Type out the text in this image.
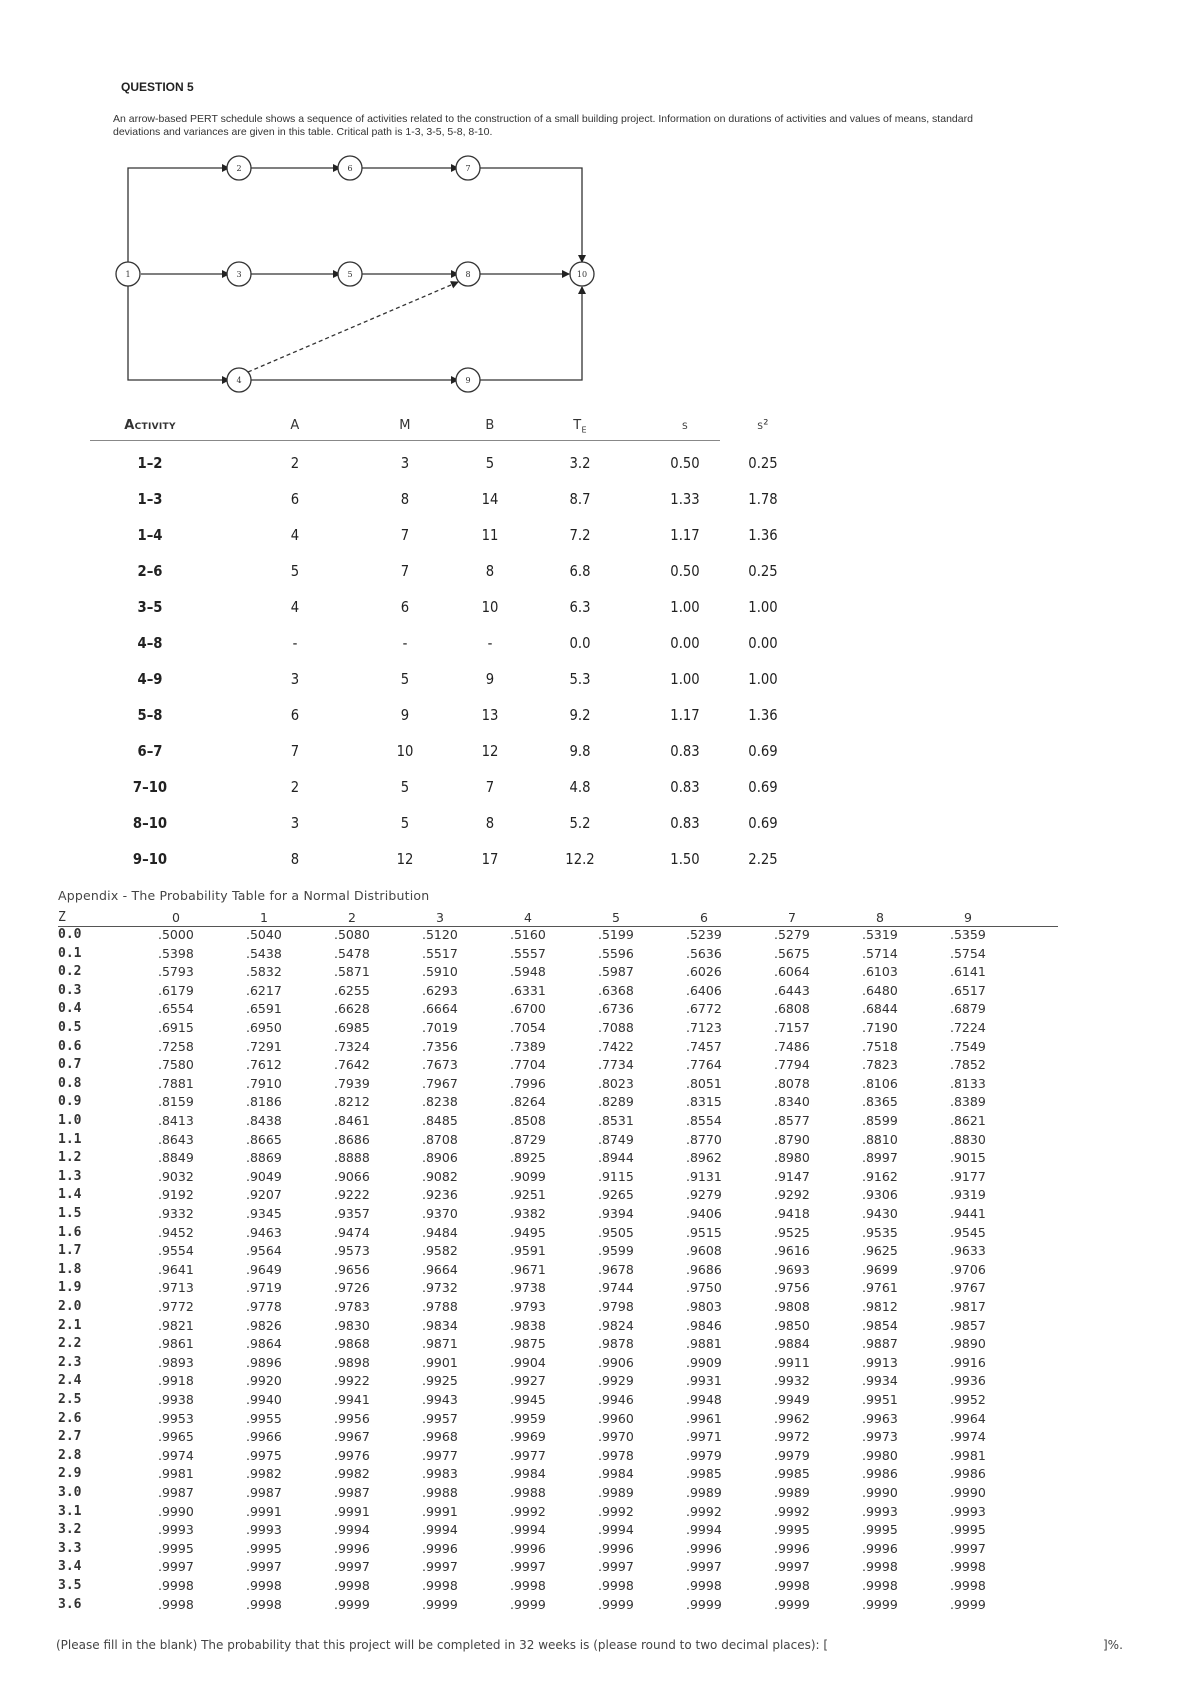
QUESTION 5
An arrow-based PERT schedule shows a sequence of activities related to the construction of a small building project. Information on durations of activities and values of means, standard deviations and variances are given in this table. Critical path is 1-3, 3-5, 5-8, 8-10.
1
2
3
4
5
6	7
8
9
10
Activity	A	M	B	$T_E$	s	s²
1–2	2	3	5	3.2	0.50	0.25
1–3	6	8	14	8.7	1.33	1.78
1–4	4	7	11	7.2	1.17	1.36
2–6	5	7	8	6.8	0.50	0.25
3–5	4	6	10	6.3	1.00	1.00
4–8	-	-	-	0.0	0.00	0.00
4–9	3	5	9	5.3	1.00	1.00
5–8	6	9	13	9.2	1.17	1.36
6–7	7	10	12	9.8	0.83	0.69
7–10	2	5	7	4.8	0.83	0.69
8–10	3	5	8	5.2	0.83	0.69
9–10	8	12	17	12.2	1.50	2.25
Appendix - The Probability Table for a Normal Distribution
Z	0	1	2	3	4	5	6	7	8	9
0.0	.5000	.5040	.5080	.5120	.5160	.5199	.5239	.5279	.5319	.5359
0.1	.5398	.5438	.5478	.5517	.5557	.5596	.5636	.5675	.5714	.5754
0.2	.5793	.5832	.5871	.5910	.5948	.5987	.6026	.6064	.6103	.6141
0.3	.6179	.6217	.6255	.6293	.6331	.6368	.6406	.6443	.6480	.6517
0.4	.6554	.6591	.6628	.6664	.6700	.6736	.6772	.6808	.6844	.6879
0.5	.6915	.6950	.6985	.7019	.7054	.7088	.7123	.7157	.7190	.7224
0.6	.7258	.7291	.7324	.7356	.7389	.7422	.7457	.7486	.7518	.7549
0.7	.7580	.7612	.7642	.7673	.7704	.7734	.7764	.7794	.7823	.7852
0.8	.7881	.7910	.7939	.7967	.7996	.8023	.8051	.8078	.8106	.8133
0.9	.8159	.8186	.8212	.8238	.8264	.8289	.8315	.8340	.8365	.8389
1.0	.8413	.8438	.8461	.8485	.8508	.8531	.8554	.8577	.8599	.8621
1.1	.8643	.8665	.8686	.8708	.8729	.8749	.8770	.8790	.8810	.8830
1.2	.8849	.8869	.8888	.8906	.8925	.8944	.8962	.8980	.8997	.9015
1.3	.9032	.9049	.9066	.9082	.9099	.9115	.9131	.9147	.9162	.9177
1.4	.9192	.9207	.9222	.9236	.9251	.9265	.9279	.9292	.9306	.9319
1.5	.9332	.9345	.9357	.9370	.9382	.9394	.9406	.9418	.9430	.9441
1.6	.9452	.9463	.9474	.9484	.9495	.9505	.9515	.9525	.9535	.9545
1.7	.9554	.9564	.9573	.9582	.9591	.9599	.9608	.9616	.9625	.9633
1.8	.9641	.9649	.9656	.9664	.9671	.9678	.9686	.9693	.9699	.9706
1.9	.9713	.9719	.9726	.9732	.9738	.9744	.9750	.9756	.9761	.9767
2.0	.9772	.9778	.9783	.9788	.9793	.9798	.9803	.9808	.9812	.9817
2.1	.9821	.9826	.9830	.9834	.9838	.9824	.9846	.9850	.9854	.9857
2.2	.9861	.9864	.9868	.9871	.9875	.9878	.9881	.9884	.9887	.9890
2.3	.9893	.9896	.9898	.9901	.9904	.9906	.9909	.9911	.9913	.9916
2.4	.9918	.9920	.9922	.9925	.9927	.9929	.9931	.9932	.9934	.9936
2.5	.9938	.9940	.9941	.9943	.9945	.9946	.9948	.9949	.9951	.9952
2.6	.9953	.9955	.9956	.9957	.9959	.9960	.9961	.9962	.9963	.9964
2.7	.9965	.9966	.9967	.9968	.9969	.9970	.9971	.9972	.9973	.9974
2.8	.9974	.9975	.9976	.9977	.9977	.9978	.9979	.9979	.9980	.9981
2.9	.9981	.9982	.9982	.9983	.9984	.9984	.9985	.9985	.9986	.9986
3.0	.9987	.9987	.9987	.9988	.9988	.9989	.9989	.9989	.9990	.9990
3.1	.9990	.9991	.9991	.9991	.9992	.9992	.9992	.9992	.9993	.9993
3.2	.9993	.9993	.9994	.9994	.9994	.9994	.9994	.9995	.9995	.9995
3.3	.9995	.9995	.9996	.9996	.9996	.9996	.9996	.9996	.9996	.9997
3.4	.9997	.9997	.9997	.9997	.9997	.9997	.9997	.9997	.9998	.9998
3.5	.9998	.9998	.9998	.9998	.9998	.9998	.9998	.9998	.9998	.9998
3.6	.9998	.9998	.9999	.9999	.9999	.9999	.9999	.9999	.9999	.9999
(Please fill in the blank) The probability that this project will be completed in 32 weeks is (please round to two decimal places): [	]%.
